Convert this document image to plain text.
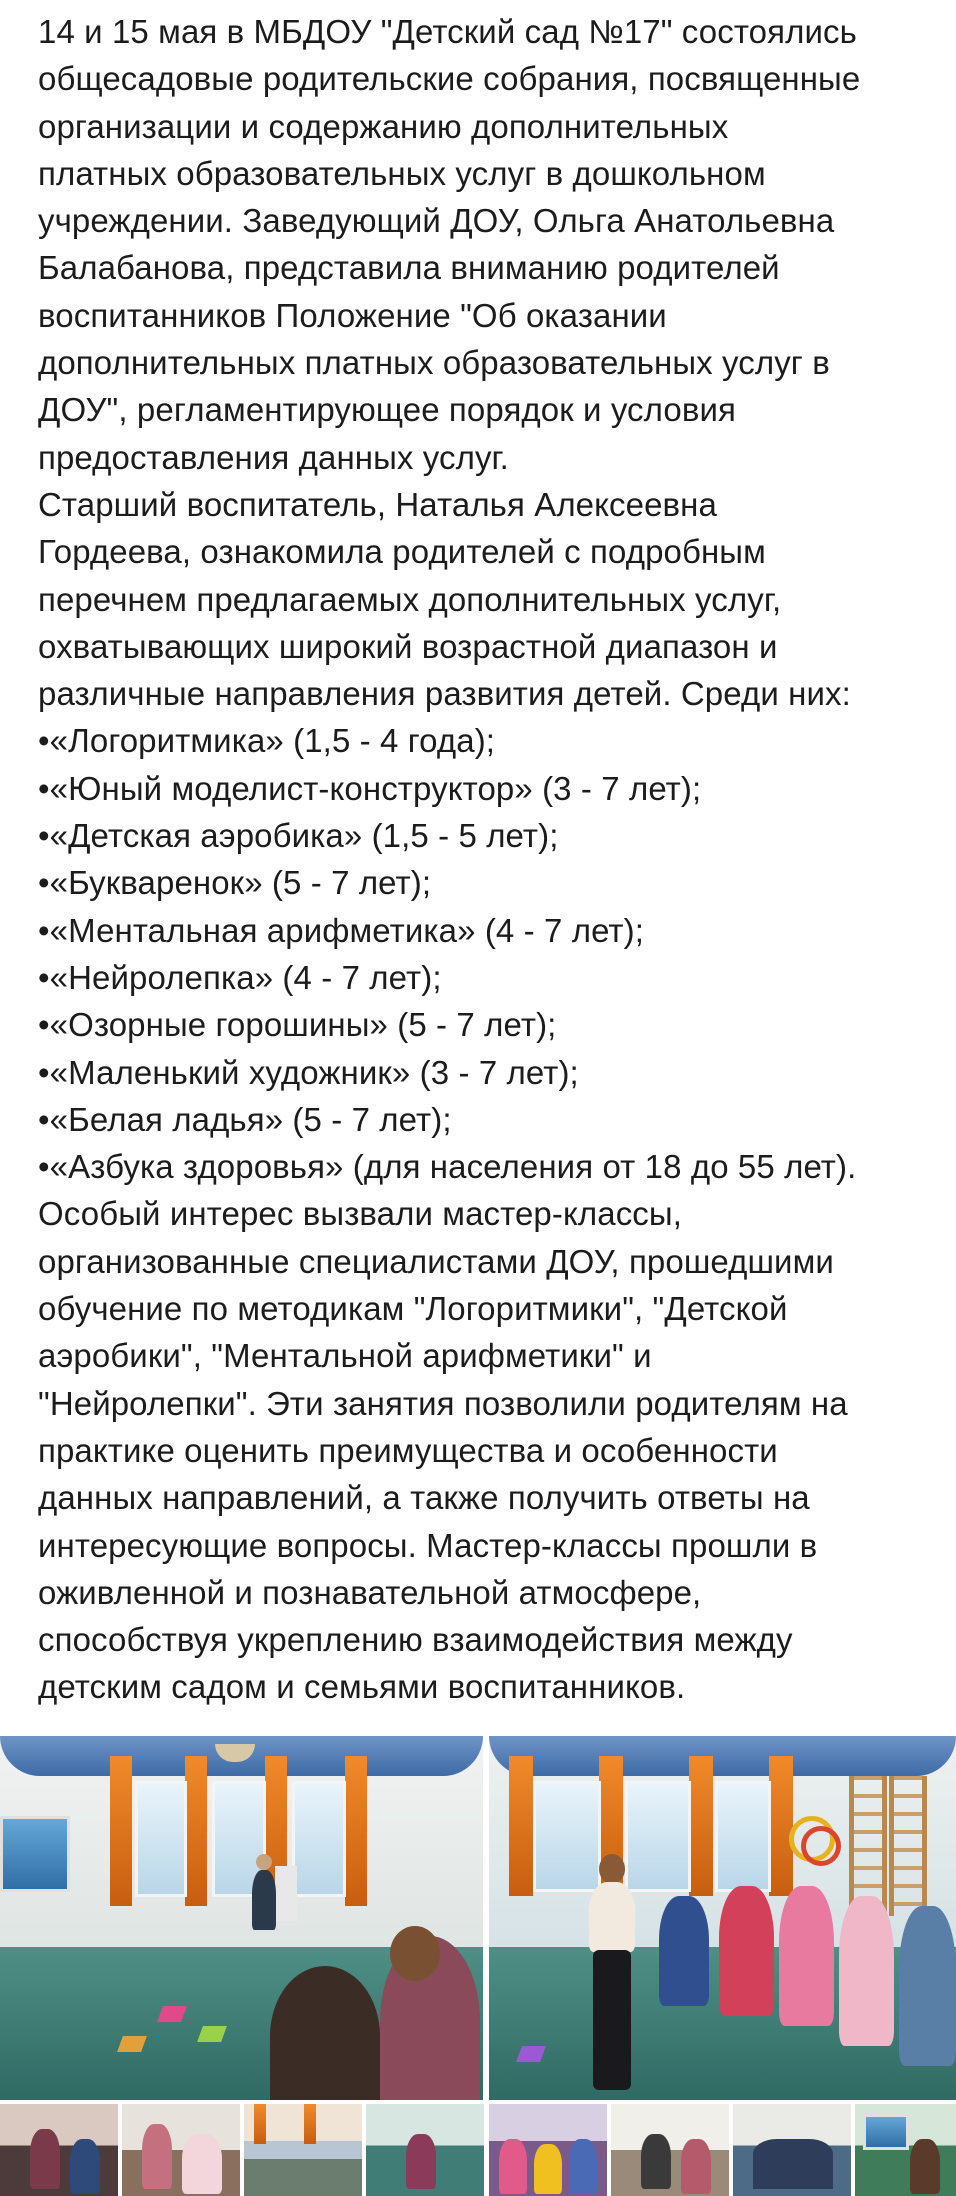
14 и 15 мая в МБДОУ "Детский сад №17" состоялись
общесадовые родительские собрания, посвященные
организации и содержанию дополнительных
платных образовательных услуг в дошкольном
учреждении. Заведующий ДОУ, Ольга Анатольевна
Балабанова, представила вниманию родителей
воспитанников Положение "Об оказании
дополнительных платных образовательных услуг в
ДОУ", регламентирующее порядок и условия
предоставления данных услуг.
Старший воспитатель, Наталья Алексеевна
Гордеева, ознакомила родителей с подробным
перечнем предлагаемых дополнительных услуг,
охватывающих широкий возрастной диапазон и
различные направления развития детей. Среди них:
•«Логоритмика» (1,5 - 4 года);
•«Юный моделист-конструктор» (3 - 7 лет);
•«Детская аэробика» (1,5 - 5 лет);
•«Букваренок» (5 - 7 лет);
•«Ментальная арифметика» (4 - 7 лет);
•«Нейролепка» (4 - 7 лет);
•«Озорные горошины» (5 - 7 лет);
•«Маленький художник» (3 - 7 лет);
•«Белая ладья» (5 - 7 лет);
•«Азбука здоровья» (для населения от 18 до 55 лет).
Особый интерес вызвали мастер-классы,
организованные специалистами ДОУ, прошедшими
обучение по методикам "Логоритмики", "Детской
аэробики", "Ментальной арифметики" и
"Нейролепки". Эти занятия позволили родителям на
практике оценить преимущества и особенности
данных направлений, а также получить ответы на
интересующие вопросы. Мастер-классы прошли в
оживленной и познавательной атмосфере,
способствуя укреплению взаимодействия между
детским садом и семьями воспитанников.
